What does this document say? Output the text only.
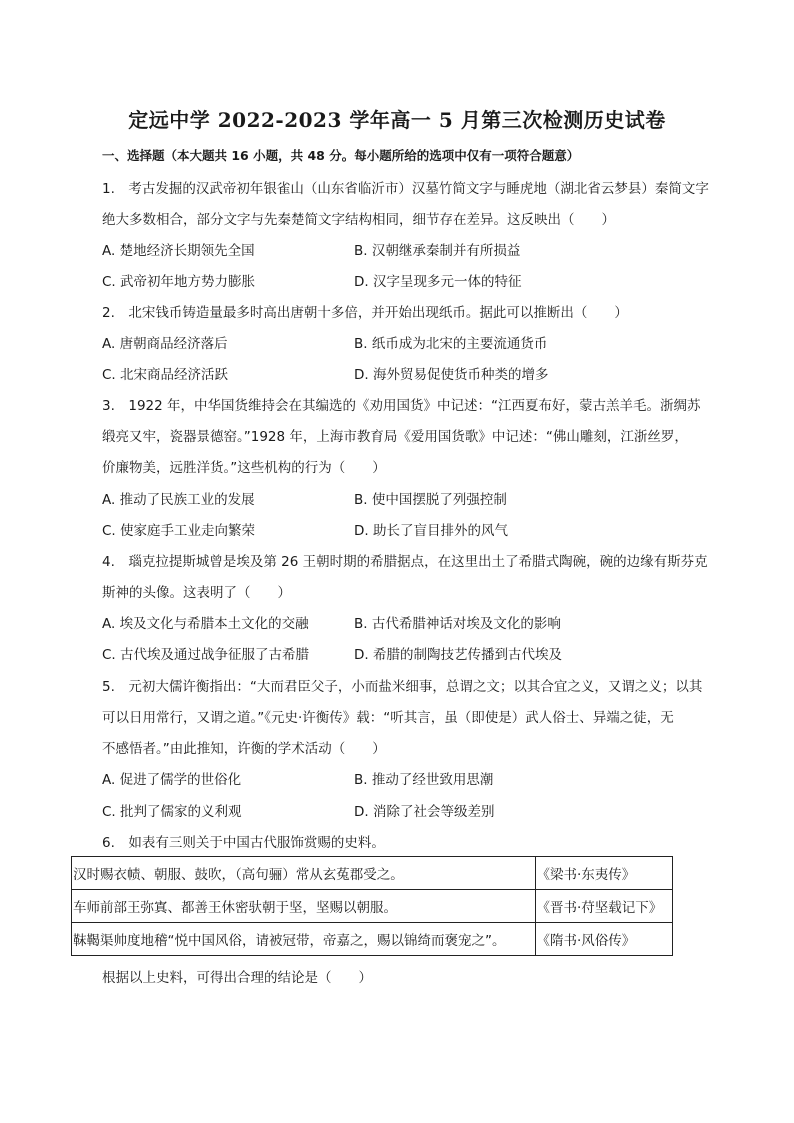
定远中学 2022-2023 学年高一 5 月第三次检测历史试卷
一、选择题（本大题共 16 小题，共 48 分。每小题所给的选项中仅有一项符合题意）
1.　考古发掘的汉武帝初年银雀山（山东省临沂市）汉墓竹简文字与睡虎地（湖北省云梦县）秦简文字
绝大多数相合，部分文字与先秦楚简文字结构相同，细节存在差异。这反映出（　　）
A. 楚地经济长期领先全国	B. 汉朝继承秦制并有所损益
C. 武帝初年地方势力膨胀	D. 汉字呈现多元一体的特征
2.　北宋钱币铸造量最多时高出唐朝十多倍，并开始出现纸币。据此可以推断出（　　）
A. 唐朝商品经济落后	B. 纸币成为北宋的主要流通货币
C. 北宋商品经济活跃	D. 海外贸易促使货币种类的增多
3.　1922 年，中华国货维持会在其编选的《劝用国货》中记述：“江西夏布好，蒙古羔羊毛。浙绸苏
缎亮又牢，瓷器景德窑。”1928 年，上海市教育局《爱用国货歌》中记述：“佛山雕刻，江浙丝罗，
价廉物美，远胜洋货。”这些机构的行为（　　）
A. 推动了民族工业的发展	B. 使中国摆脱了列强控制
C. 使家庭手工业走向繁荣	D. 助长了盲目排外的风气
4.　瑙克拉提斯城曾是埃及第 26 王朝时期的希腊据点，在这里出土了希腊式陶碗，碗的边缘有斯芬克
斯神的头像。这表明了（　　）
A. 埃及文化与希腊本土文化的交融	B. 古代希腊神话对埃及文化的影响
C. 古代埃及通过战争征服了古希腊	D. 希腊的制陶技艺传播到古代埃及
5.　元初大儒许衡指出：“大而君臣父子，小而盐米细事，总谓之文；以其合宜之义，又谓之义；以其
可以日用常行，又谓之道。”《元史·许衡传》载：“听其言，虽（即使是）武人俗士、异端之徒，无
不感悟者。”由此推知，许衡的学术活动（　　）
A. 促进了儒学的世俗化	B. 推动了经世致用思潮
C. 批判了儒家的义利观	D. 消除了社会等级差别
6.　如表有三则关于中国古代服饰赏赐的史料。
汉时赐衣帻、朝服、鼓吹，（高句骊）常从玄菟郡受之。	《梁书·东夷传》
车师前部王弥寘、都善王休密驮朝于坚，坚赐以朝服。	《晋书·苻坚载记下》
靺鞨渠帅度地稽“悦中国风俗，请被冠带，帝嘉之，赐以锦绮而褒宠之”。	《隋书·风俗传》
根据以上史料，可得出合理的结论是（　　）
